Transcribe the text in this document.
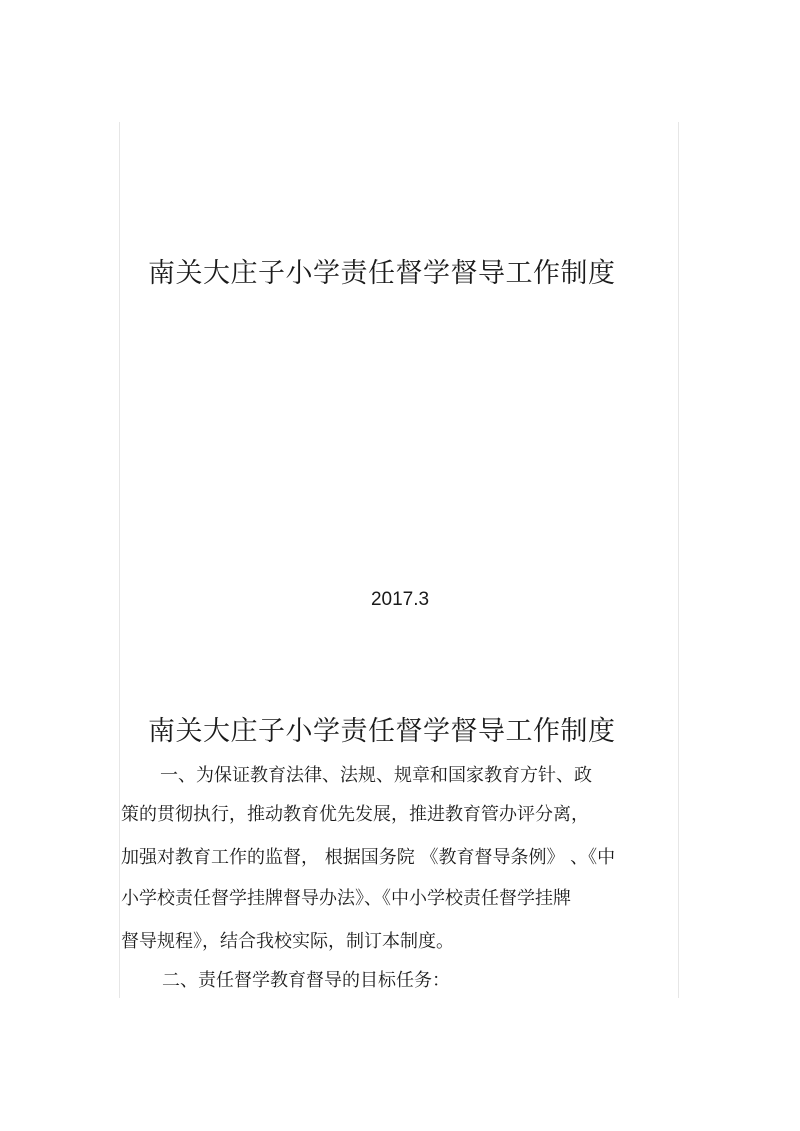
南关大庄子小学责任督学督导工作制度
2017.3
南关大庄子小学责任督学督导工作制度
一、为保证教育法律、法规、规章和国家教育方针、政
策的贯彻执行，推动教育优先发展，推进教育管办评分离，
加强对教育工作的监督， 根据国务院 《教育督导条例》 、《中
小学校责任督学挂牌督导办法》、《中小学校责任督学挂牌
督导规程》，结合我校实际，制订本制度。
二、责任督学教育督导的目标任务：
